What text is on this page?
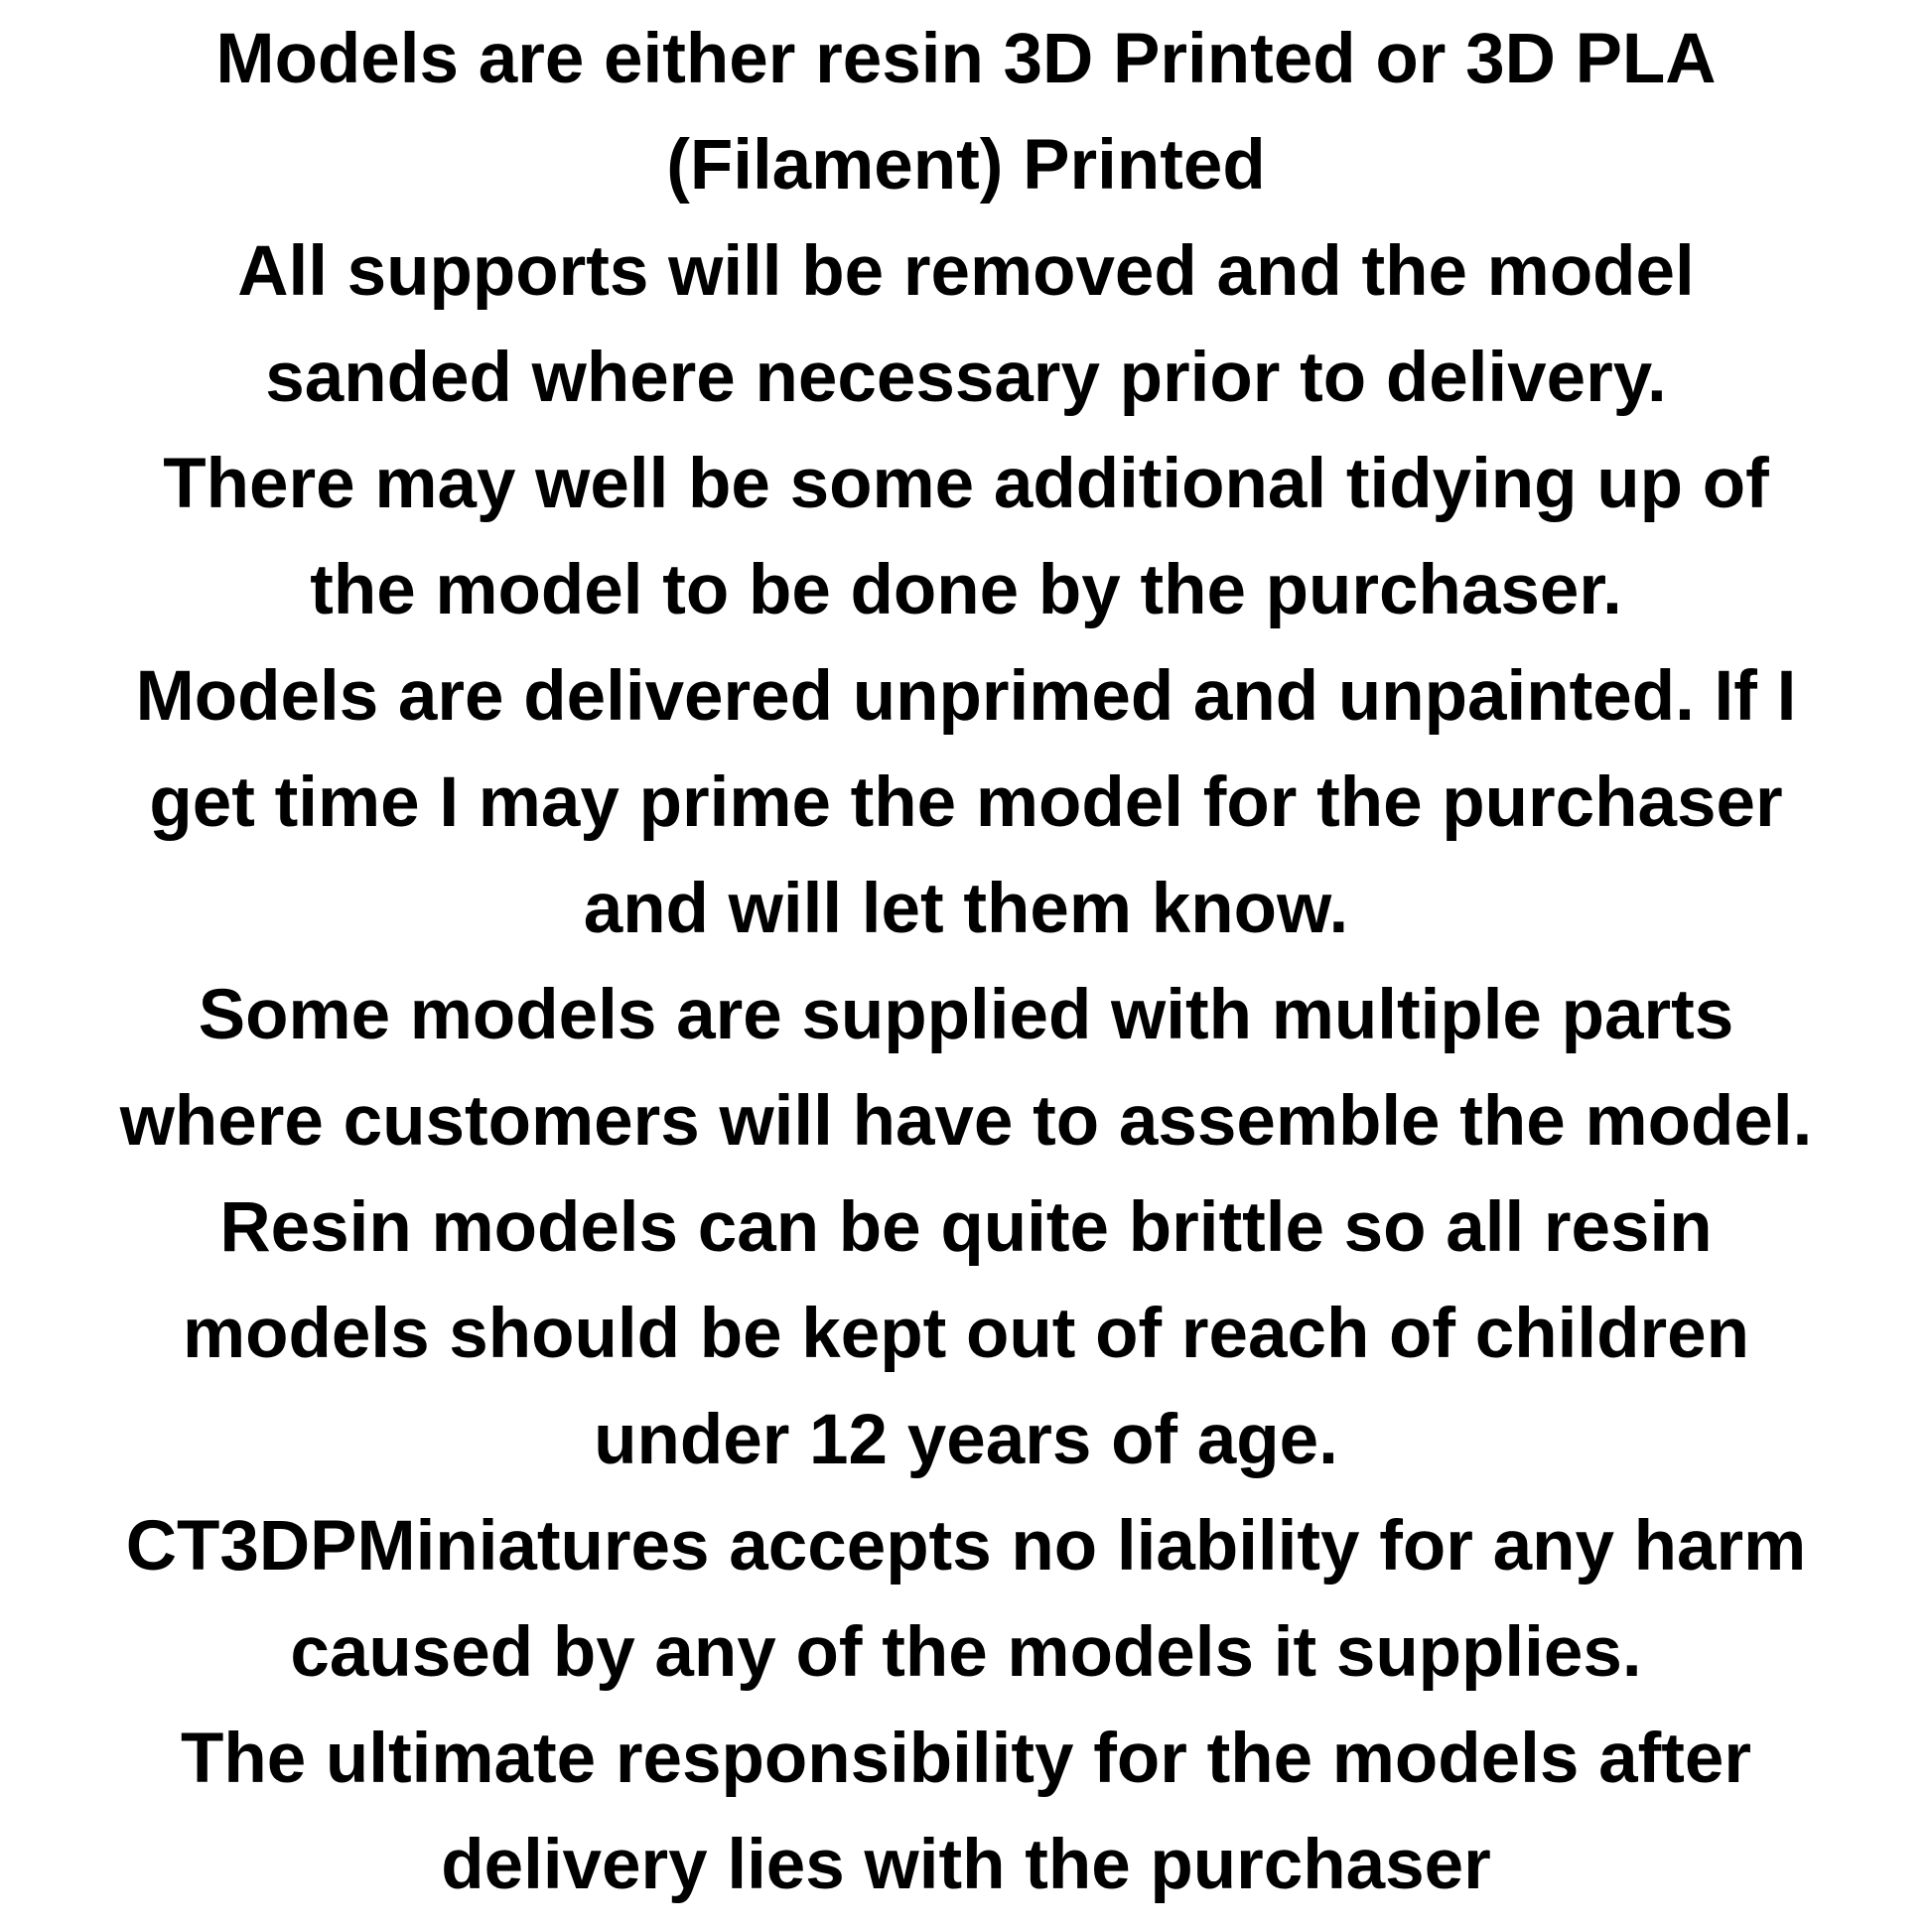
Models are either resin 3D Printed or 3D PLA
(Filament) Printed
All supports will be removed and the model
sanded where necessary prior to delivery.
There may well be some additional tidying up of
the model to be done by the purchaser.
Models are delivered unprimed and unpainted. If I
get time I may prime the model for the purchaser
and will let them know.
Some models are supplied with multiple parts
where customers will have to assemble the model.
Resin models can be quite brittle so all resin
models should be kept out of reach of children
under 12 years of age.
CT3DPMiniatures accepts no liability for any harm
caused by any of the models it supplies.
The ultimate responsibility for the models after
delivery lies with the purchaser
